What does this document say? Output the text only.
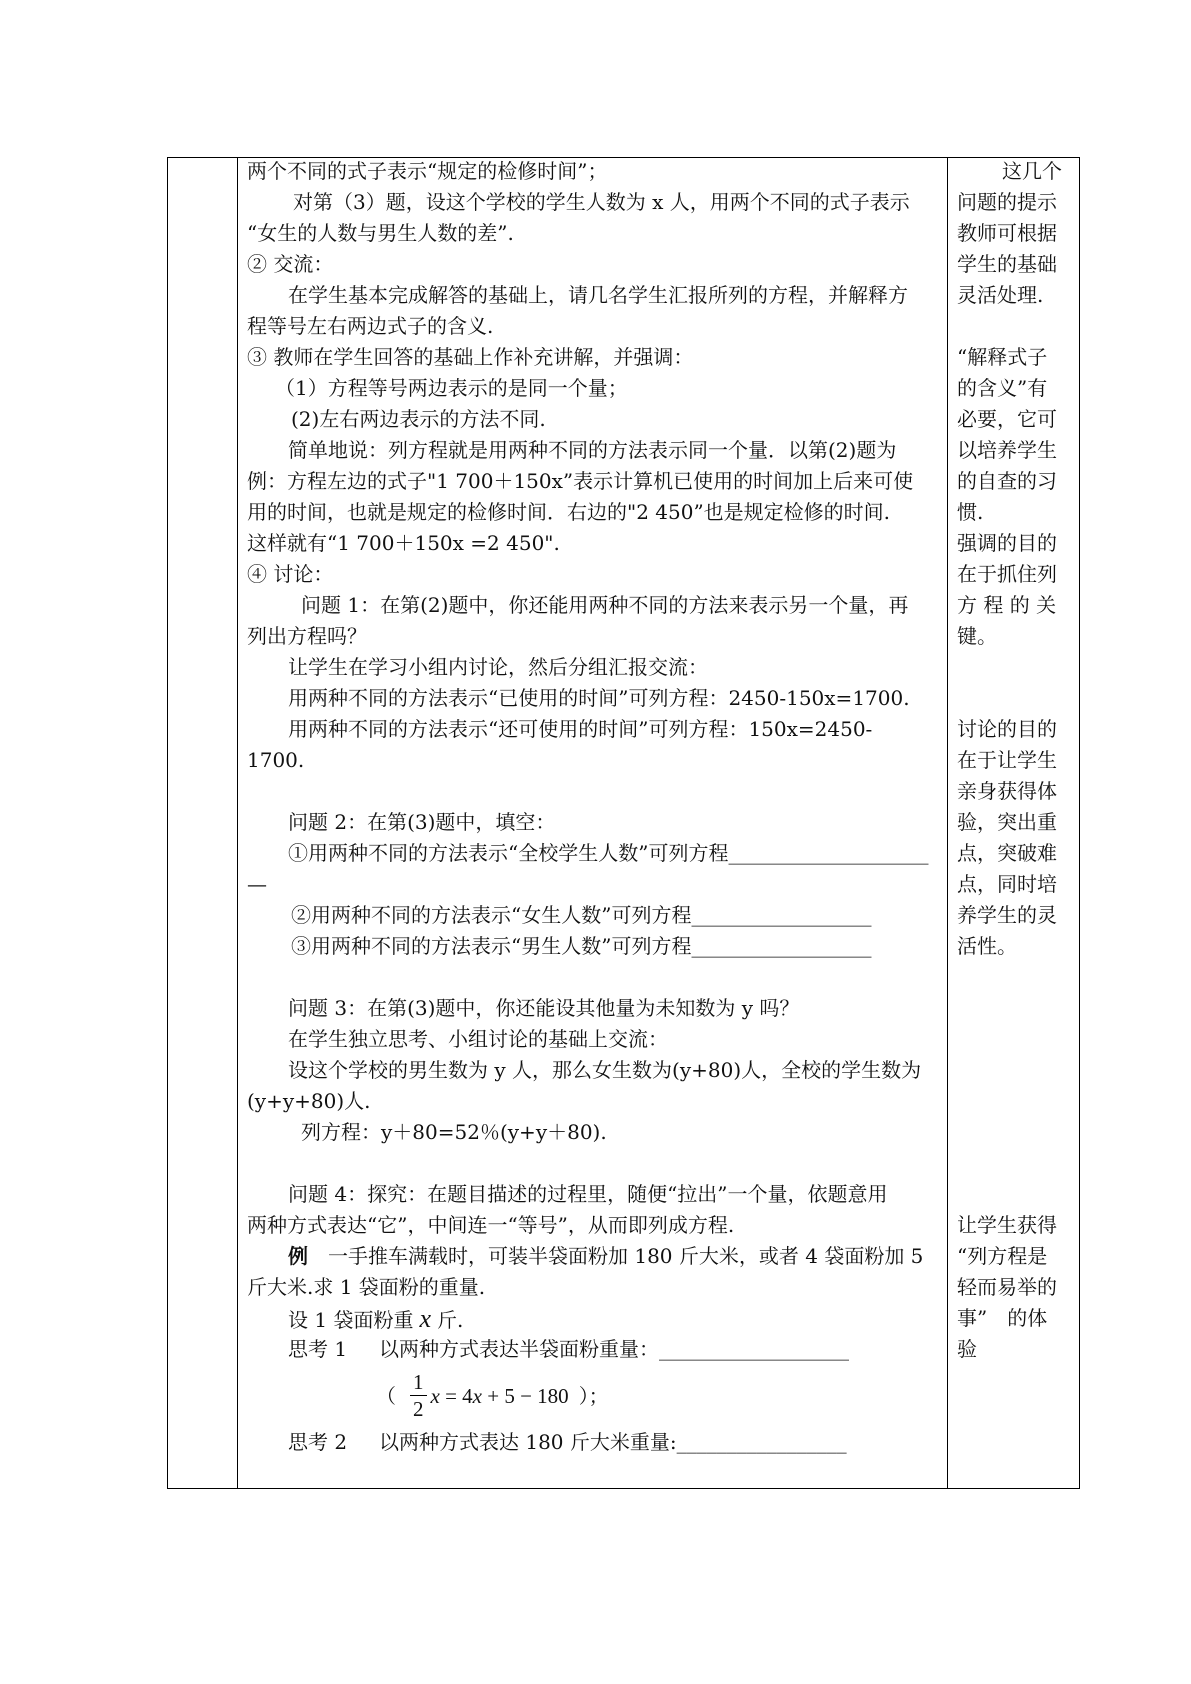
两个不同的式子表示“规定的检修时间”；
对第（3）题，设这个学校的学生人数为 x 人，用两个不同的式子表示
“女生的人数与男生人数的差”.
② 交流：
在学生基本完成解答的基础上，请几名学生汇报所列的方程，并解释方
程等号左右两边式子的含义.
③ 教师在学生回答的基础上作补充讲解，并强调：
（1）方程等号两边表示的是同一个量；
(2)左右两边表示的方法不同.
简单地说：列方程就是用两种不同的方法表示同一个量．以第(2)题为
例：方程左边的式子"1 700＋150x”表示计算机已使用的时间加上后来可使
用的时间，也就是规定的检修时间．右边的"2 450”也是规定检修的时间.
这样就有“1 700＋150x =2 450".
④ 讨论：
问题 1：在第(2)题中，你还能用两种不同的方法来表示另一个量，再
列出方程吗？
让学生在学习小组内讨论，然后分组汇报交流：
用两种不同的方法表示“已使用的时间”可列方程：2450-150x=1700.
用两种不同的方法表示“还可使用的时间”可列方程：150x=2450-
1700.
问题 2：在第(3)题中，填空：
①用两种不同的方法表示“全校学生人数”可列方程____________________
—
②用两种不同的方法表示“女生人数”可列方程__________________
③用两种不同的方法表示“男生人数”可列方程__________________
问题 3：在第(3)题中，你还能设其他量为未知数为 y 吗？
在学生独立思考、小组讨论的基础上交流：
设这个学校的男生数为 y 人，那么女生数为(y+80)人，全校的学生数为
(y+y+80)人.
列方程：y＋80=52％(y+y＋80).
问题 4：探究：在题目描述的过程里，随便“拉出”一个量，依题意用
两种方式表达“它”，中间连一“等号”，从而即列成方程.
例 一手推车满载时，可装半袋面粉加 180 斤大米，或者 4 袋面粉加 5
斤大米.求 1 袋面粉的重量.
设 1 袋面粉重 x 斤.
思考 1 以两种方式表达半袋面粉重量：___________________
（ $\frac{1}{2}$ x = 4 x + 5 − 180 ）；
思考 2 以两种方式表达 180 斤大米重量:_________________
这几个
问题的提示
教师可根据
学生的基础
灵活处理.
“解释式子
的含义”有
必要，它可
以培养学生
的自查的习
惯.
强调的目的
在于抓住列
方 程 的 关
键。
讨论的目的
在于让学生
亲身获得体
验，突出重
点，突破难
点，同时培
养学生的灵
活性。
让学生获得
“列方程是
轻而易举的
事”　的体
验
